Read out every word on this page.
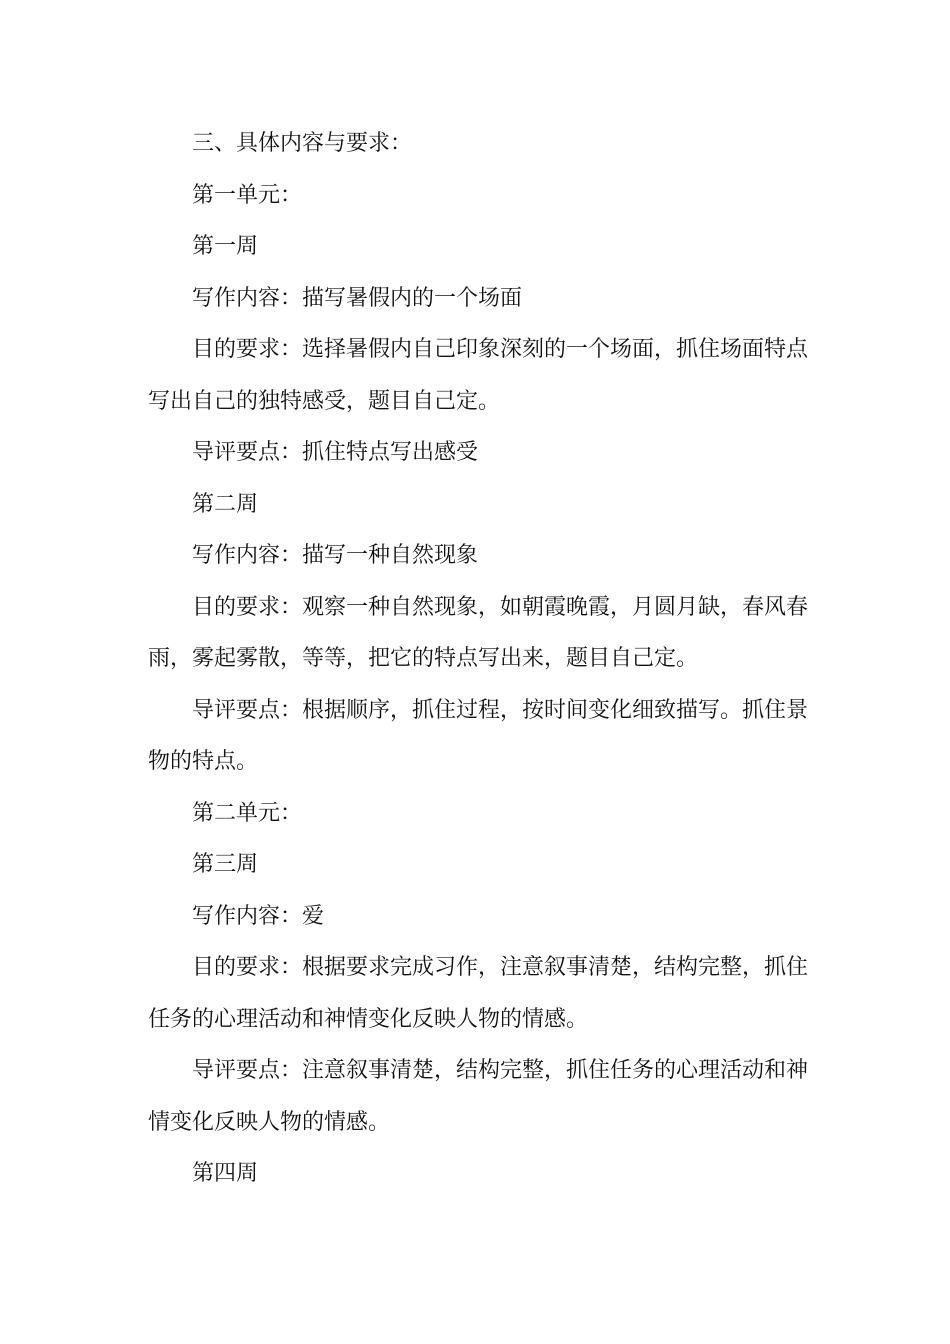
三、具体内容与要求：

第一单元：

第一周

写作内容：描写暑假内的一个场面

目的要求：选择暑假内自己印象深刻的一个场面，抓住场面特点写出自己的独特感受，题目自己定。

导评要点：抓住特点写出感受

第二周

写作内容：描写一种自然现象

目的要求：观察一种自然现象，如朝霞晚霞，月圆月缺，春风春雨，雾起雾散，等等，把它的特点写出来，题目自己定。

导评要点：根据顺序，抓住过程，按时间变化细致描写。抓住景物的特点。

第二单元：

第三周

写作内容：爱

目的要求：根据要求完成习作，注意叙事清楚，结构完整，抓住任务的心理活动和神情变化反映人物的情感。

导评要点：注意叙事清楚，结构完整，抓住任务的心理活动和神情变化反映人物的情感。

第四周
